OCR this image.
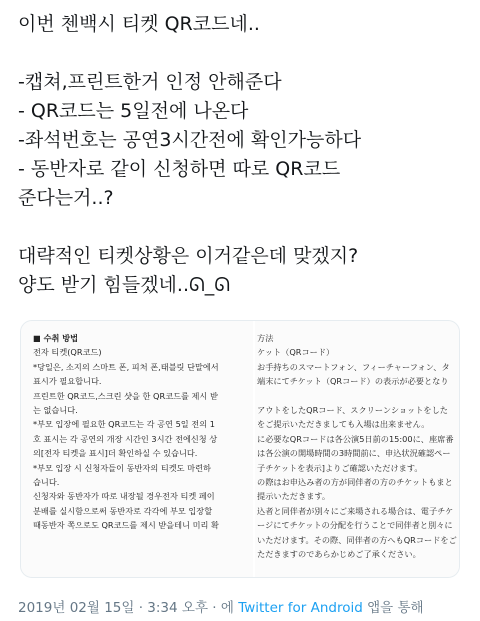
이번 첸백시 티켓 QR코드네..
-캡쳐,프린트한거 인정 안해준다
- QR코드는 5일전에 나온다
-좌석번호는 공연3시간전에 확인가능하다
- 동반자로 같이 신청하면 따로 QR코드
준다는거..?
대략적인 티켓상황은 이거같은데 맞겠지?
양도 받기 힘들겠네..ᘏ_ᘏ
■ 수취 방법
전자 티켓(QR코드)
*당일은, 소지의 스마트 폰, 피처 폰,태블릿 단말에서
표시가 필요합니다.
프린트한 QR코드,스크린 샷을 한 QR코드를 제시 받
는 없습니다.
*부모 입장에 필요한 QR코드는 각 공연 5일 전의 1
호 표시는 각 공연의 개장 시간인 3시간 전에신청 상
의[전자 티켓을 표시]더 확인하실 수 있습니다.
*부모 입장 시 신청자들이 동반자의 티켓도 마련하
습니다.
신청자와 동반자가 따로 내장될 경우전자 티켓 페이
분배를 실시함으로써 동반자로 각각에 부모 입장할
때동반자 쪽으로도 QR코드를 제시 받을테니 미리 확
方法
ケット（QRコード）
お手持ちのスマートフォン、フィーチャーフォン、タ
端末にてチケット（QRコード）の表示が必要となり

アウトをしたQRコード、スクリーンショットをした
をご提示いただきましても入場は出来ません。
に必要なQRコードは各公演5日前の15:00に、座席番
は各公演の開場時間の3時間前に、申込状況確認ペー
子チケットを表示]よりご確認いただけます。
の際はお申込み者の方が同伴者の方のチケットもまと
提示いただきます。
込者と同伴者が別々にご来場される場合は、電子チケ
ージにてチケットの分配を行うことで同伴者と別々に
いただけます。その際、同伴者の方へもQRコードをご
ただきますのであらかじめご了承ください。
2019년 02월 15일 · 3:34 오후 · 에 Twitter for Android 앱을 통해
